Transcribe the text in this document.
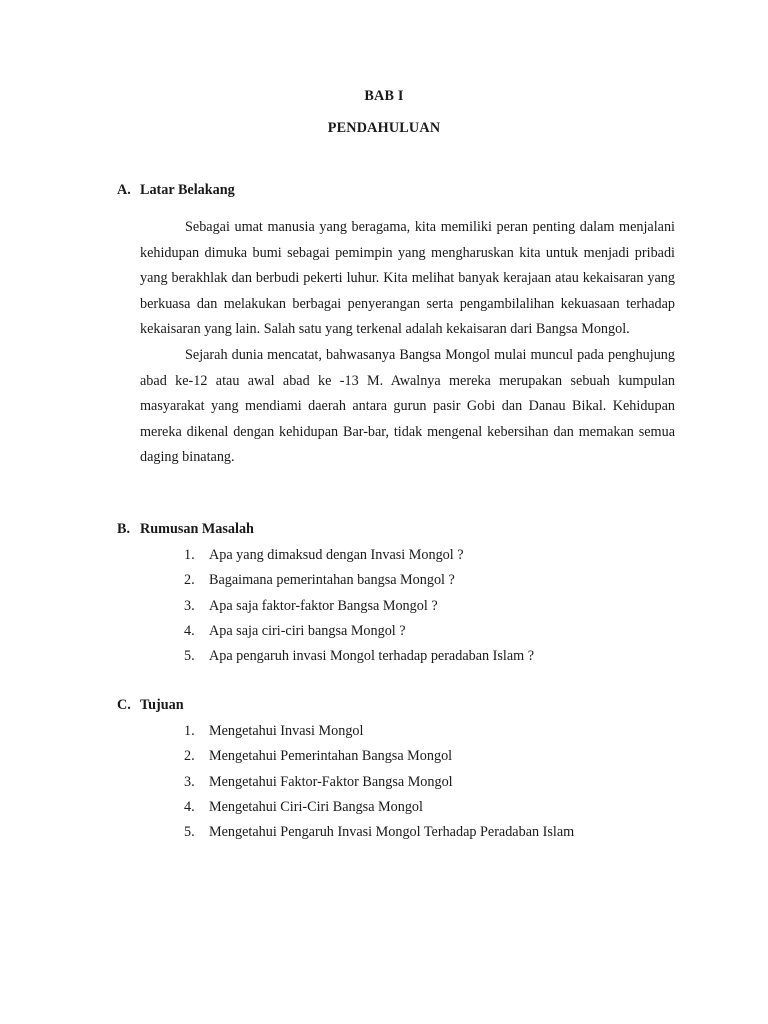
BAB I
PENDAHULUAN
A. Latar Belakang

Sebagai umat manusia yang beragama, kita memiliki peran penting dalam menjalani kehidupan dimuka bumi sebagai pemimpin yang mengharuskan kita untuk menjadi pribadi yang berakhlak dan berbudi pekerti luhur. Kita melihat banyak kerajaan atau kekaisaran yang berkuasa dan melakukan berbagai penyerangan serta pengambilalihan kekuasaan terhadap kekaisaran yang lain. Salah satu yang terkenal adalah kekaisaran dari Bangsa Mongol.

Sejarah dunia mencatat, bahwasanya Bangsa Mongol mulai muncul pada penghujung abad ke-12 atau awal abad ke -13 M. Awalnya mereka merupakan sebuah kumpulan masyarakat yang mendiami daerah antara gurun pasir Gobi dan Danau Bikal. Kehidupan mereka dikenal dengan kehidupan Bar-bar, tidak mengenal kebersihan dan memakan semua daging binatang.

B. Rumusan Masalah
1. Apa yang dimaksud dengan Invasi Mongol ?
2. Bagaimana pemerintahan bangsa Mongol ?
3. Apa saja faktor-faktor Bangsa Mongol ?
4. Apa saja ciri-ciri bangsa Mongol ?
5. Apa pengaruh invasi Mongol terhadap peradaban Islam ?
C. Tujuan
1. Mengetahui Invasi Mongol
2. Mengetahui Pemerintahan Bangsa Mongol
3. Mengetahui Faktor-Faktor Bangsa Mongol
4. Mengetahui Ciri-Ciri Bangsa Mongol
5. Mengetahui Pengaruh Invasi Mongol Terhadap Peradaban Islam
